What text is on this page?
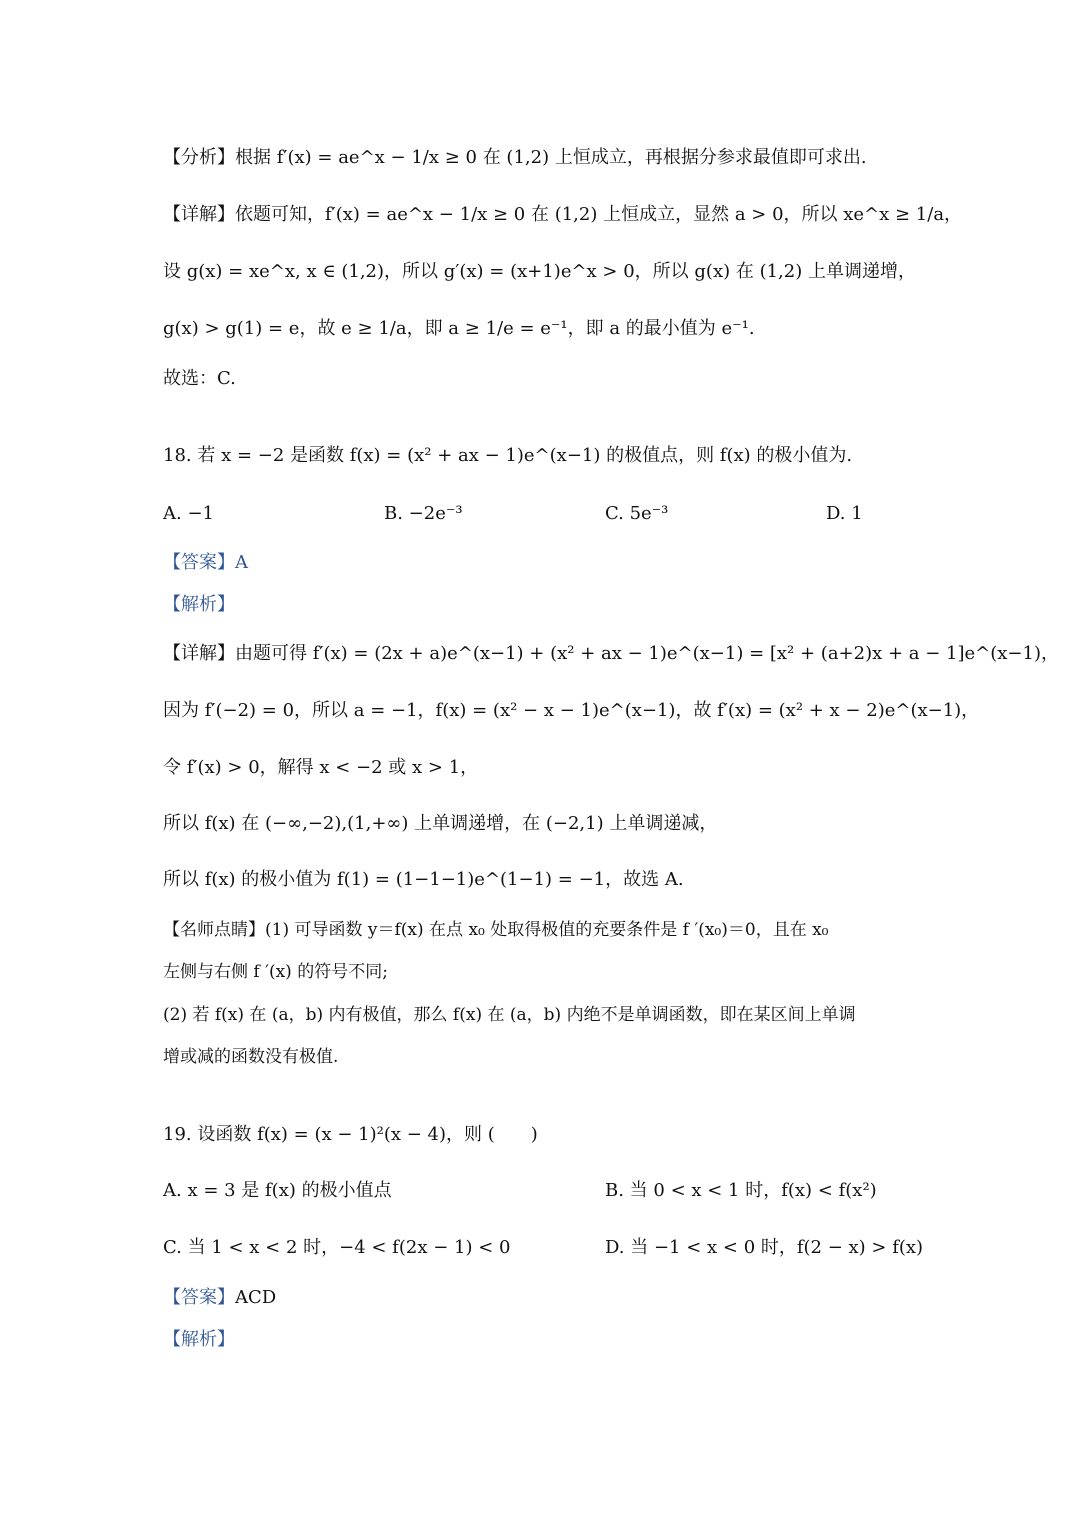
【分析】根据 f′(x) = ae^x − 1/x ≥ 0 在 (1,2) 上恒成立，再根据分参求最值即可求出.
【详解】依题可知，f′(x) = ae^x − 1/x ≥ 0 在 (1,2) 上恒成立，显然 a > 0，所以 xe^x ≥ 1/a，
设 g(x) = xe^x, x ∈ (1,2)，所以 g′(x) = (x+1)e^x > 0，所以 g(x) 在 (1,2) 上单调递增，
g(x) > g(1) = e，故 e ≥ 1/a，即 a ≥ 1/e = e⁻¹，即 a 的最小值为 e⁻¹.
故选：C.
18. 若 x = −2 是函数 f(x) = (x² + ax − 1)e^(x−1) 的极值点，则 f(x) 的极小值为.
A. −1	B. −2e⁻³	C. 5e⁻³	D. 1
【答案】A
【解析】
【详解】由题可得 f′(x) = (2x + a)e^(x−1) + (x² + ax − 1)e^(x−1) = [x² + (a+2)x + a − 1]e^(x−1)，
因为 f′(−2) = 0，所以 a = −1，f(x) = (x² − x − 1)e^(x−1)，故 f′(x) = (x² + x − 2)e^(x−1)，
令 f′(x) > 0，解得 x < −2 或 x > 1，
所以 f(x) 在 (−∞,−2),(1,+∞) 上单调递增，在 (−2,1) 上单调递减，
所以 f(x) 的极小值为 f(1) = (1−1−1)e^(1−1) = −1，故选 A.
【名师点睛】(1) 可导函数 y＝f(x) 在点 x₀ 处取得极值的充要条件是 f ′(x₀)＝0，且在 x₀
左侧与右侧 f ′(x) 的符号不同;
(2) 若 f(x) 在 (a，b) 内有极值，那么 f(x) 在 (a，b) 内绝不是单调函数，即在某区间上单调
增或减的函数没有极值.
19. 设函数 f(x) = (x − 1)²(x − 4)，则 (　　)
A. x = 3 是 f(x) 的极小值点	B. 当 0 < x < 1 时，f(x) < f(x²)
C. 当 1 < x < 2 时，−4 < f(2x − 1) < 0	D. 当 −1 < x < 0 时，f(2 − x) > f(x)
【答案】ACD
【解析】
